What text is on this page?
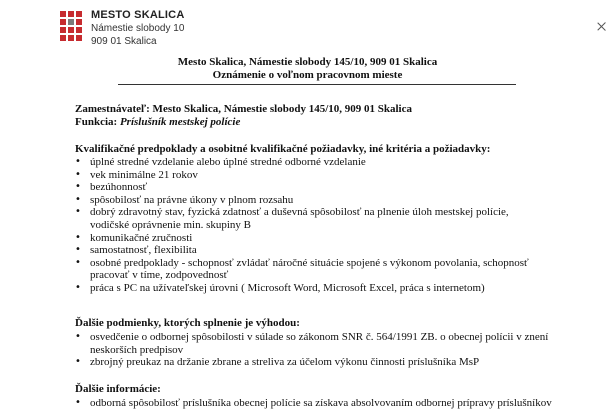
MESTO SKALICA
Námestie slobody 10
909 01 Skalica
Mesto Skalica, Námestie slobody 145/10, 909 01 Skalica
Oznámenie o voľnom pracovnom mieste
Zamestnávateľ: Mesto Skalica, Námestie slobody 145/10, 909 01 Skalica
Funkcia: Príslušník mestskej polície
Kvalifikačné predpoklady a osobitné kvalifikačné požiadavky, iné kritéria a požiadavky:
• úplné stredné vzdelanie alebo úplné stredné odborné vzdelanie
• vek minimálne 21 rokov
• bezúhonnosť
• spôsobilosť na právne úkony v plnom rozsahu
• dobrý zdravotný stav, fyzická zdatnosť a duševná spôsobilosť na plnenie úloh mestskej polície,
vodičské oprávnenie min. skupiny B
• komunikačné zručnosti
• samostatnosť, flexibilita
• osobné predpoklady - schopnosť zvládať náročné situácie spojené s výkonom povolania, schopnosť
pracovať v tíme, zodpovednosť
• práca s PC na užívateľskej úrovni ( Microsoft Word, Microsoft Excel, práca s internetom)
Ďalšie podmienky, ktorých splnenie je výhodou:
• osvedčenie o odbornej spôsobilosti v súlade so zákonom SNR č. 564/1991 ZB. o obecnej polícii v znení
neskorších predpisov
• zbrojný preukaz na držanie zbrane a streliva za účelom výkonu činnosti príslušníka MsP
Ďalšie informácie:
• odborná spôsobilosť príslušníka obecnej polície sa získava absolvovaním odbornej prípravy príslušníkov
